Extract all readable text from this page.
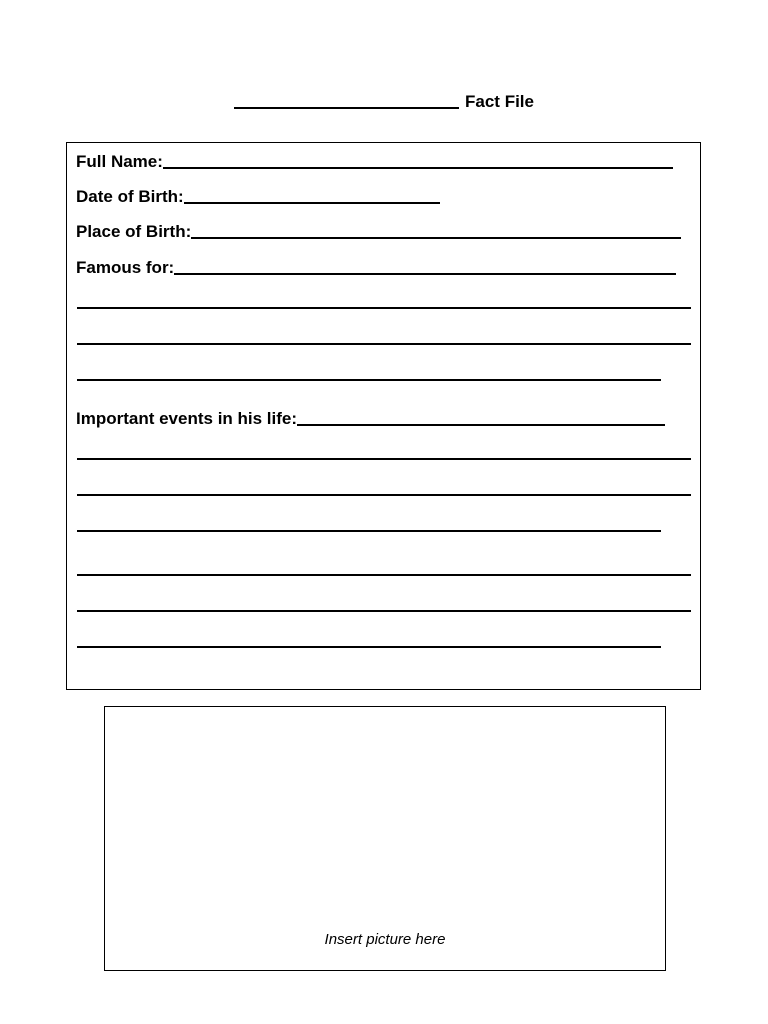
Fact File
Full Name:
Date of Birth:
Place of Birth:
Famous for:
Important events in his life:
Insert picture here
